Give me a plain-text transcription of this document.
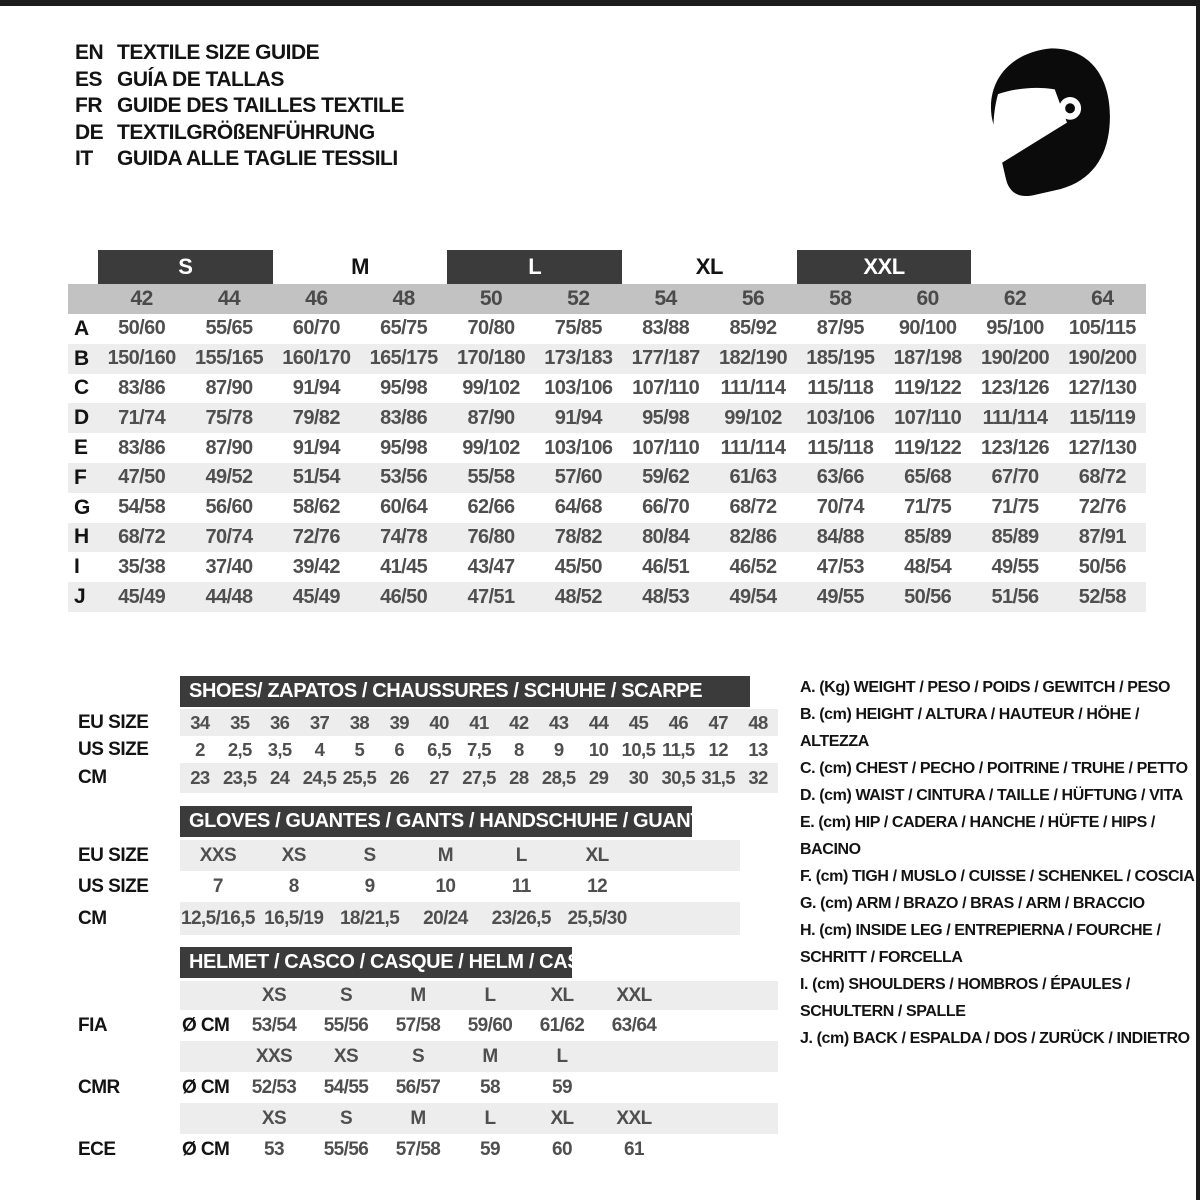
EN TEXTILE SIZE GUIDE
ES GUÍA DE TALLAS
FR GUIDE DES TAILLES TEXTILE
DE TEXTILGRÖßENFÜHRUNG
IT	GUIDA ALLE TAGLIE TESSILI
S	M	L	XL	XXL
42	44	46	48	50	52	54	56	58	60	62	64
A	50/60	55/65	60/70	65/75	70/80	75/85	83/88	85/92	87/95	90/100	95/100	105/115
B 150/160 155/165 160/170 165/175 170/180 173/183 177/187 182/190 185/195 187/198 190/200 190/200
C	83/86	87/90	91/94	95/98	99/102	103/106 107/110	111/114	115/118	119/122 123/126 127/130
D	71/74	75/78	79/82	83/86	87/90	91/94	95/98	99/102	103/106 107/110	111/114	115/119
E	83/86	87/90	91/94	95/98	99/102	103/106 107/110	111/114	115/118	119/122 123/126 127/130
F	47/50	49/52	51/54	53/56	55/58	57/60	59/62	61/63	63/66	65/68	67/70	68/72
G	54/58	56/60	58/62	60/64	62/66	64/68	66/70	68/72	70/74	71/75	71/75	72/76
H	68/72	70/74	72/76	74/78	76/80	78/82	80/84	82/86	84/88	85/89	85/89	87/91
I	35/38	37/40	39/42	41/45	43/47	45/50	46/51	46/52	47/53	48/54	49/55	50/56
J	45/49	44/48	45/49	46/50	47/51	48/52	48/53	49/54	49/55	50/56	51/56	52/58
SHOES/ ZAPATOS / CHAUSSURES / SCHUHE / SCARPE
EU SIZE	34	35	36	37	38	39	40	41	42	43	44	45	46	47	48
US SIZE	2	2,5 3,5	4	5	6	6,5 7,5	8	9	10 10,5 11,5 12	13
CM	23 23,5 24 24,5 25,5 26	27 27,5 28 28,5 29	30 30,5 31,5 32
GLOVES / GUANTES / GANTS / HANDSCHUHE / GUANTI
EU SIZE	XXS	XS	S	M	L	XL
US SIZE	7	8	9	10	11	12
CM	12,5/16,5 16,5/19 18/21,5	20/24	23/26,5 25,5/30
HELMET / CASCO / CASQUE / HELM / CASCO
XS	S	M	L	XL	XXL
FIA	Ø CM	53/54	55/56	57/58	59/60	61/62	63/64
XXS	XS	S	M	L
CMR	Ø CM	52/53	54/55	56/57	58	59
XS	S	M	L	XL	XXL
ECE	Ø CM	53	55/56	57/58	59	60	61
A. (Kg) WEIGHT / PESO / POIDS / GEWITCH / PESO
B. (cm) HEIGHT / ALTURA / HAUTEUR / HÖHE / ALTEZZA
C. (cm) CHEST / PECHO / POITRINE / TRUHE / PETTO
D. (cm) WAIST / CINTURA / TAILLE / HÜFTUNG / VITA
E. (cm) HIP / CADERA / HANCHE / HÜFTE / HIPS / BACINO
F. (cm) TIGH / MUSLO / CUISSE / SCHENKEL / COSCIA
G. (cm) ARM / BRAZO / BRAS / ARM / BRACCIO
H. (cm) INSIDE LEG / ENTREPIERNA / FOURCHE / SCHRITT / FORCELLA
I. (cm) SHOULDERS / HOMBROS / ÉPAULES / SCHULTERN / SPALLE
J. (cm) BACK / ESPALDA / DOS / ZURÜCK / INDIETRO
